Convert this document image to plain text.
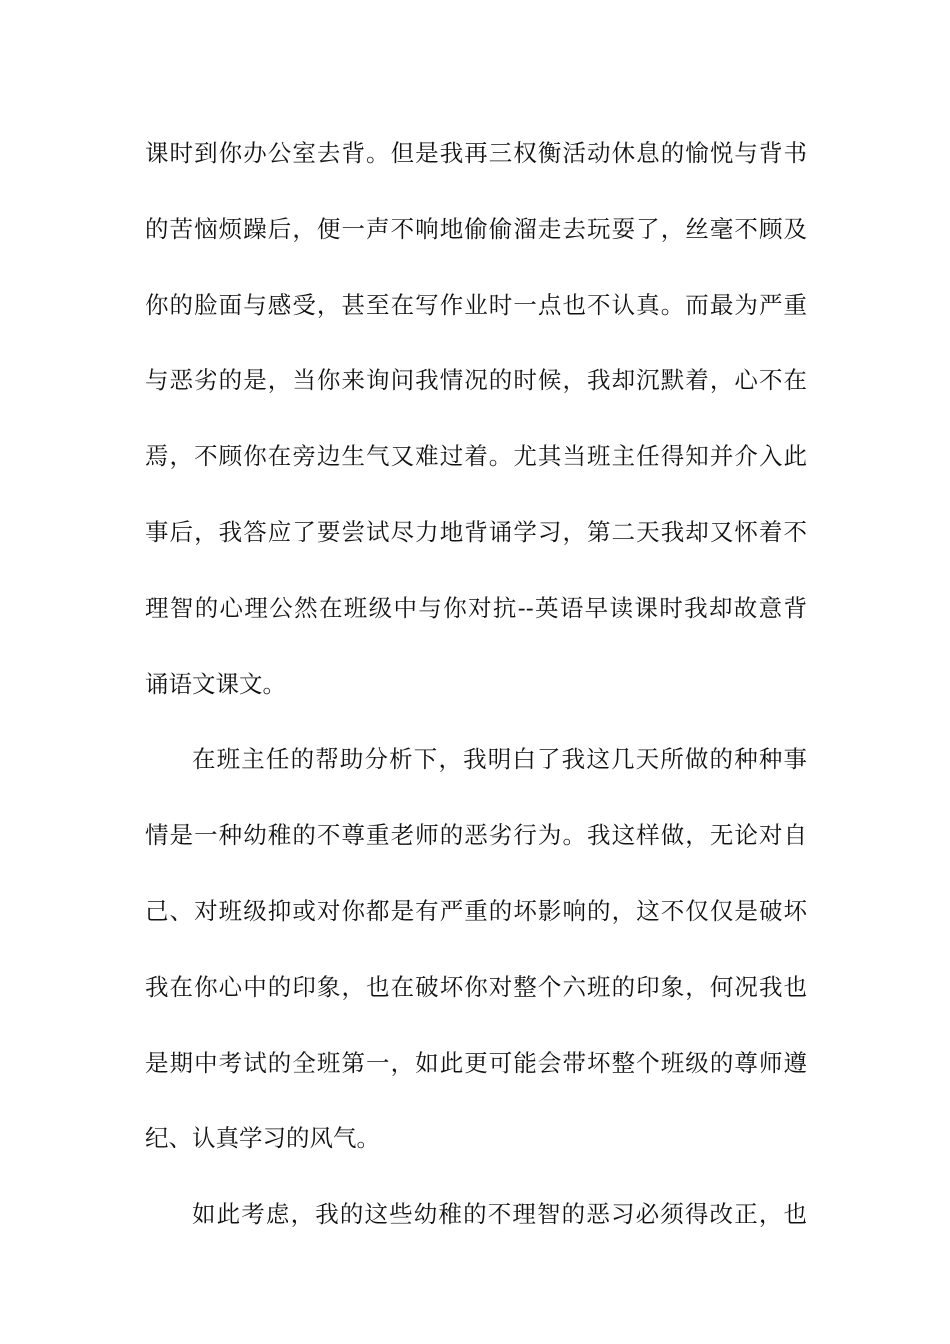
课时到你办公室去背。但是我再三权衡活动休息的愉悦与背书
的苦恼烦躁后，便一声不响地偷偷溜走去玩耍了，丝毫不顾及
你的脸面与感受，甚至在写作业时一点也不认真。而最为严重
与恶劣的是，当你来询问我情况的时候，我却沉默着，心不在
焉，不顾你在旁边生气又难过着。尤其当班主任得知并介入此
事后，我答应了要尝试尽力地背诵学习，第二天我却又怀着不
理智的心理公然在班级中与你对抗--英语早读课时我却故意背
诵语文课文。
在班主任的帮助分析下，我明白了我这几天所做的种种事
情是一种幼稚的不尊重老师的恶劣行为。我这样做，无论对自
己、对班级抑或对你都是有严重的坏影响的，这不仅仅是破坏
我在你心中的印象，也在破坏你对整个六班的印象，何况我也
是期中考试的全班第一，如此更可能会带坏整个班级的尊师遵
纪、认真学习的风气。
如此考虑，我的这些幼稚的不理智的恶习必须得改正，也
